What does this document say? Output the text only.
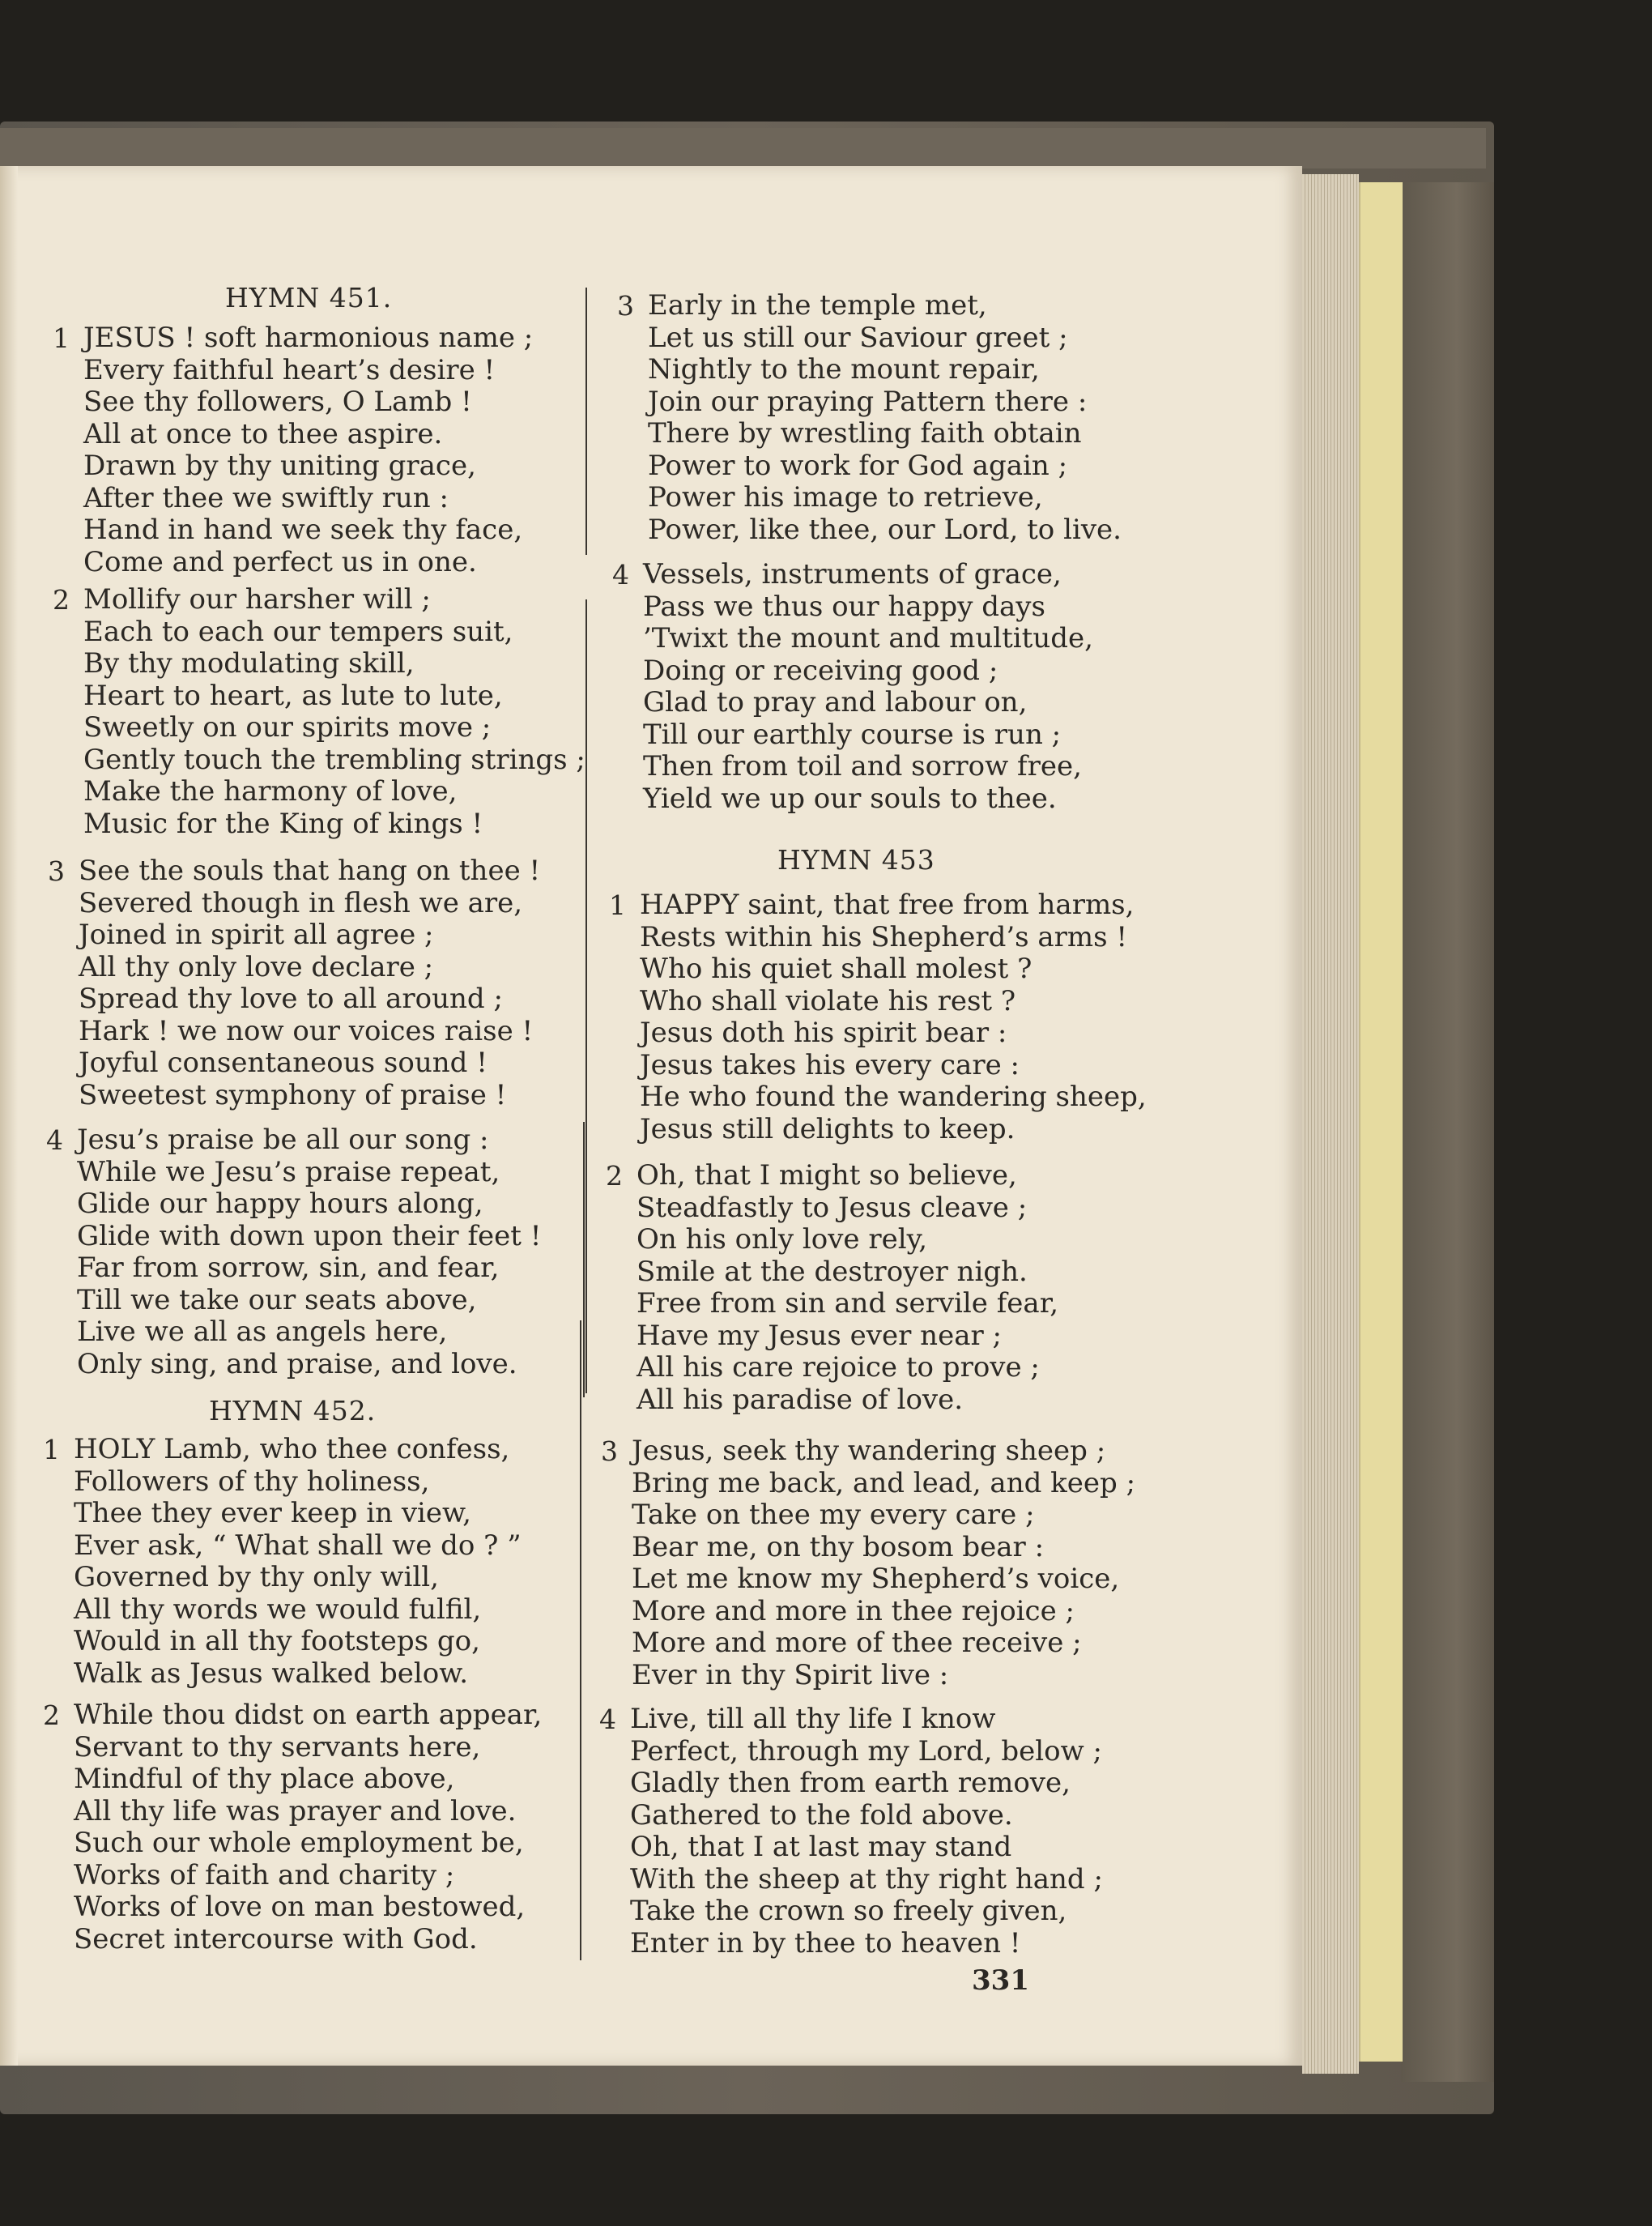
HYMN 451.
1 JESUS ! soft harmonious name ;
Every faithful heart’s desire !
See thy followers, O Lamb !
All at once to thee aspire.
Drawn by thy uniting grace,
After thee we swiftly run :
Hand in hand we seek thy face,
Come and perfect us in one.
2 Mollify our harsher will ;
Each to each our tempers suit,
By thy modulating skill,
Heart to heart, as lute to lute,
Sweetly on our spirits move ;
Gently touch the trembling strings ;
Make the harmony of love,
Music for the King of kings !
3 See the souls that hang on thee !
Severed though in flesh we are,
Joined in spirit all agree ;
All thy only love declare ;
Spread thy love to all around ;
Hark ! we now our voices raise !
Joyful consentaneous sound !
Sweetest symphony of praise !
4 Jesu’s praise be all our song :
While we Jesu’s praise repeat,
Glide our happy hours along,
Glide with down upon their feet !
Far from sorrow, sin, and fear,
Till we take our seats above,
Live we all as angels here,
Only sing, and praise, and love.
HYMN 452.
1 HOLY Lamb, who thee confess,
Followers of thy holiness,
Thee they ever keep in view,
Ever ask, “ What shall we do ? ”
Governed by thy only will,
All thy words we would fulfil,
Would in all thy footsteps go,
Walk as Jesus walked below.
2 While thou didst on earth appear,
Servant to thy servants here,
Mindful of thy place above,
All thy life was prayer and love.
Such our whole employment be,
Works of faith and charity ;
Works of love on man bestowed,
Secret intercourse with God.
3 Early in the temple met,
Let us still our Saviour greet ;
Nightly to the mount repair,
Join our praying Pattern there :
There by wrestling faith obtain
Power to work for God again ;
Power his image to retrieve,
Power, like thee, our Lord, to live.
4 Vessels, instruments of grace,
Pass we thus our happy days
’Twixt the mount and multitude,
Doing or receiving good ;
Glad to pray and labour on,
Till our earthly course is run ;
Then from toil and sorrow free,
Yield we up our souls to thee.
HYMN 453
1 HAPPY saint, that free from harms,
Rests within his Shepherd’s arms !
Who his quiet shall molest ?
Who shall violate his rest ?
Jesus doth his spirit bear :
Jesus takes his every care :
He who found the wandering sheep,
Jesus still delights to keep.
2 Oh, that I might so believe,
Steadfastly to Jesus cleave ;
On his only love rely,
Smile at the destroyer nigh.
Free from sin and servile fear,
Have my Jesus ever near ;
All his care rejoice to prove ;
All his paradise of love.
3 Jesus, seek thy wandering sheep ;
Bring me back, and lead, and keep ;
Take on thee my every care ;
Bear me, on thy bosom bear :
Let me know my Shepherd’s voice,
More and more in thee rejoice ;
More and more of thee receive ;
Ever in thy Spirit live :
4 Live, till all thy life I know
Perfect, through my Lord, below ;
Gladly then from earth remove,
Gathered to the fold above.
Oh, that I at last may stand
With the sheep at thy right hand ;
Take the crown so freely given,
Enter in by thee to heaven !
331
